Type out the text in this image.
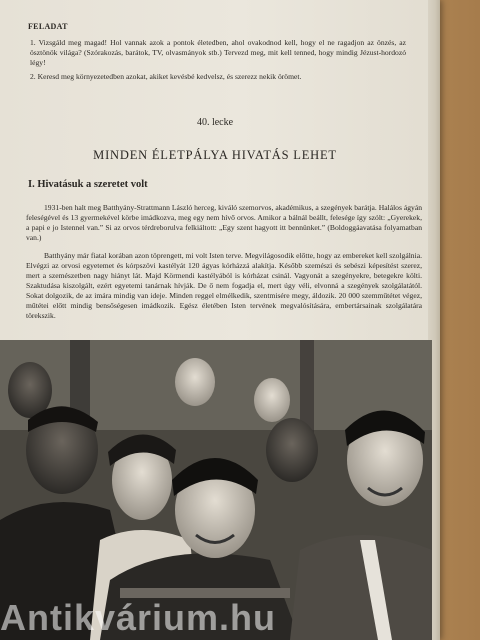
FELADAT
1. Vizsgáld meg magad! Hol vannak azok a pontok életedben, ahol ovakodnod kell, hogy el ne ragadjon az önzés, az ösztönök világa? (Szórakozás, barátok, TV, olvasmányok stb.) Tervezd meg, mit kell tenned, hogy mindig Jézust-hordozó légy!
2. Keresd meg környezetedben azokat, akiket kevésbé kedvelsz, és szerezz nekik örömet.
40. lecke
MINDEN ÉLETPÁLYA HIVATÁS LEHET
I. Hivatásuk a szeretet volt
1931-ben halt meg Batthyány-Strattmann László herceg, kiváló szemorvos, akadémikus, a szegények barátja. Halálos ágyán feleségével és 13 gyermekével körbe imádkozva, meg egy nem hívő orvos. Amikor a bálnál beállt, felesége így szólt: „Gyerekek, a papi e jo Istennel van.” Si az orvos térdreborulva felkiáltott: „Egy szent hagyott itt bennünket.” (Boldoggáavatása folyamatban van.)
Batthyány már fiatal korában azon töprengett, mi volt Isten terve. Megvilágosodik előtte, hogy az embereket kell szolgálnia. Elvégzi az orvosi egyetemet és kórpszövi kastélyát 120 ágyas kórházzá alakítja. Később szemészi és sebészi képesítést szerez, mert a szemészetben nagy hiányt lát. Majd Körmendi kastélyából is kórházat csinál. Vagyonát a szegényekre, betegekre költi. Szaktudása kiszolgált, ezért egyetemi tanárnak hívják. De ő nem fogadja el, mert úgy véli, elvonná a szegények szolgálatától. Sokat dolgozik, de az imára mindig van ideje. Minden reggel elmélkedik, szentmisére megy, áldozik. 20 000 szemműtétet végez, műtétei előtt mindig bensőségesen imádkozik. Egész életében Isten tervének megvalósítására, embertársainak szolgálatára törekszik.
Antikvárium.hu
